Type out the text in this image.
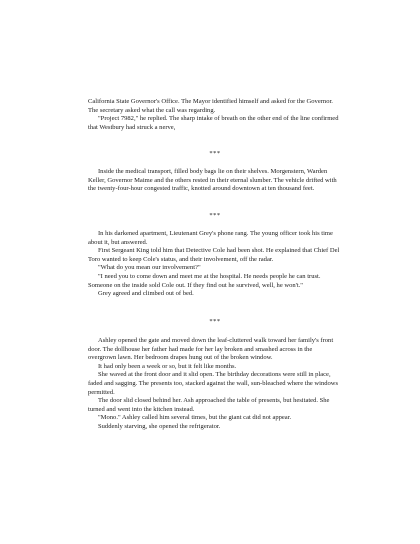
California State Governor's Office. The Mayor identified himself and asked for the Governor. The secretary asked what the call was regarding.

"Project 7982," he replied. The sharp intake of breath on the other end of the line confirmed that Westbury had struck a nerve,

***

Inside the medical transport, filled body bags lie on their shelves. Morgenstern, Warden Keller, Governor Maime and the others rested in their eternal slumber. The vehicle drifted with the twenty-four-hour congested traffic, knotted around downtown at ten thousand feet.

***

In his darkened apartment, Lieutenant Grey's phone rang. The young officer took his time about it, but answered.

First Sergeant King told him that Detective Cole had been shot. He explained that Chief Del Toro wanted to keep Cole's status, and their involvement, off the radar.

"What do you mean our involvement?"

"I need you to come down and meet me at the hospital. He needs people he can trust. Someone on the inside sold Cole out. If they find out he survived, well, he won't."

Grey agreed and climbed out of bed.

***

Ashley opened the gate and moved down the leaf-cluttered walk toward her family's front door. The dollhouse her father had made for her lay broken and smashed across in the overgrown lawn. Her bedroom drapes hung out of the broken window.

It had only been a week or so, but it felt like months.

She waved at the front door and it slid open. The birthday decorations were still in place, faded and sagging. The presents too, stacked against the wall, sun-bleached where the windows permitted.

The door slid closed behind her. Ash approached the table of presents, but hesitated. She turned and went into the kitchen instead.

"Mono." Ashley called him several times, but the giant cat did not appear.

Suddenly starving, she opened the refrigerator.
